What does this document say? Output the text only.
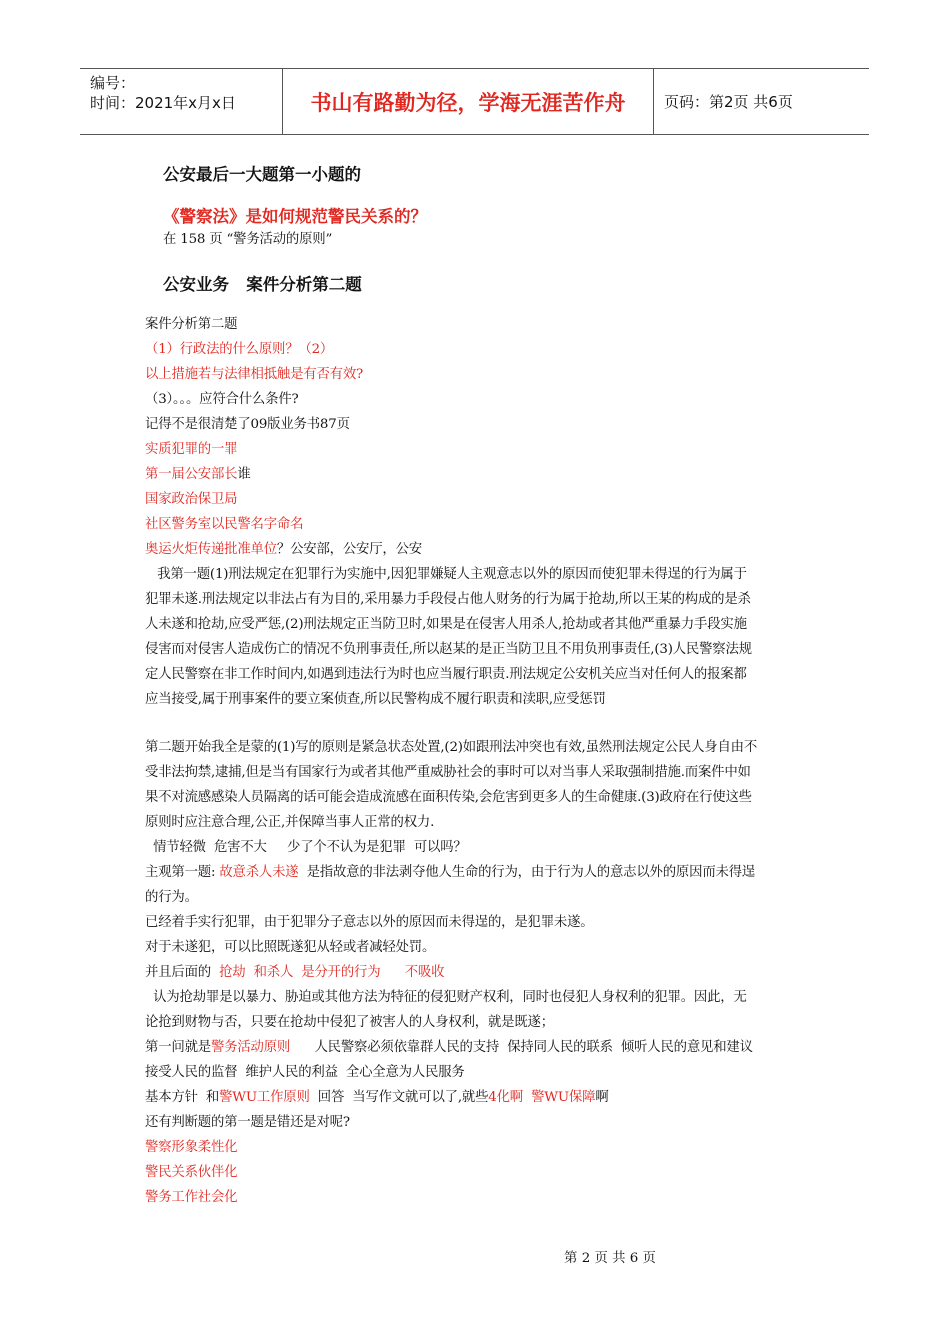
编号：
时间：2021年x月x日	书山有路勤为径，学海无涯苦作舟	页码：第2页 共6页
公安最后一大题第一小题的
《警察法》是如何规范警民关系的？
在 158 页 “警务活动的原则”
公安业务   案件分析第二题
案件分析第二题
（1）行政法的什么原则？（2）
以上措施若与法律相抵触是有否有效?
（3）。。。应符合什么条件?
记得不是很清楚了09版业务书87页
实质犯罪的一罪
第一届公安部长谁
国家政治保卫局
社区警务室以民警名字命名
奥运火炬传递批准单位？公安部，公安厅，公安
我第一题(1)刑法规定在犯罪行为实施中,因犯罪嫌疑人主观意志以外的原因而使犯罪未得逞的行为属于
犯罪未遂.刑法规定以非法占有为目的,采用暴力手段侵占他人财务的行为属于抢劫,所以王某的构成的是杀
人未遂和抢劫,应受严惩,(2)刑法规定正当防卫时,如果是在侵害人用杀人,抢劫或者其他严重暴力手段实施
侵害而对侵害人造成伤亡的情况不负刑事责任,所以赵某的是正当防卫且不用负刑事责任,(3)人民警察法规
定人民警察在非工作时间内,如遇到违法行为时也应当履行职责.刑法规定公安机关应当对任何人的报案都
应当接受,属于刑事案件的要立案侦查,所以民警构成不履行职责和渎职,应受惩罚
第二题开始我全是蒙的(1)写的原则是紧急状态处置,(2)如跟刑法冲突也有效,虽然刑法规定公民人身自由不
受非法拘禁,逮捕,但是当有国家行为或者其他严重威胁社会的事时可以对当事人采取强制措施.而案件中如
果不对流感感染人员隔离的话可能会造成流感在面积传染,会危害到更多人的生命健康.(3)政府在行使这些
原则时应注意合理,公正,并保障当事人正常的权力.
情节轻微  危害不大     少了个不认为是犯罪  可以吗？
主观第一题: 故意杀人未遂  是指故意的非法剥夺他人生命的行为，由于行为人的意志以外的原因而未得逞
的行为。
已经着手实行犯罪，由于犯罪分子意志以外的原因而未得逞的，是犯罪未遂。
对于未遂犯，可以比照既遂犯从轻或者减轻处罚。
并且后面的  抢劫  和杀人  是分开的行为      不吸收
认为抢劫罪是以暴力、胁迫或其他方法为特征的侵犯财产权利，同时也侵犯人身权利的犯罪。因此，无
论抢到财物与否，只要在抢劫中侵犯了被害人的人身权利，就是既遂；
第一问就是警务活动原则      人民警察必须依靠群人民的支持  保持同人民的联系  倾听人民的意见和建议
接受人民的监督  维护人民的利益  全心全意为人民服务
基本方针  和警WU工作原则  回答  当写作文就可以了,就些4化啊  警WU保障啊
还有判断题的第一题是错还是对呢?
警察形象柔性化
警民关系伙伴化
警务工作社会化
第 2 页 共 6 页
